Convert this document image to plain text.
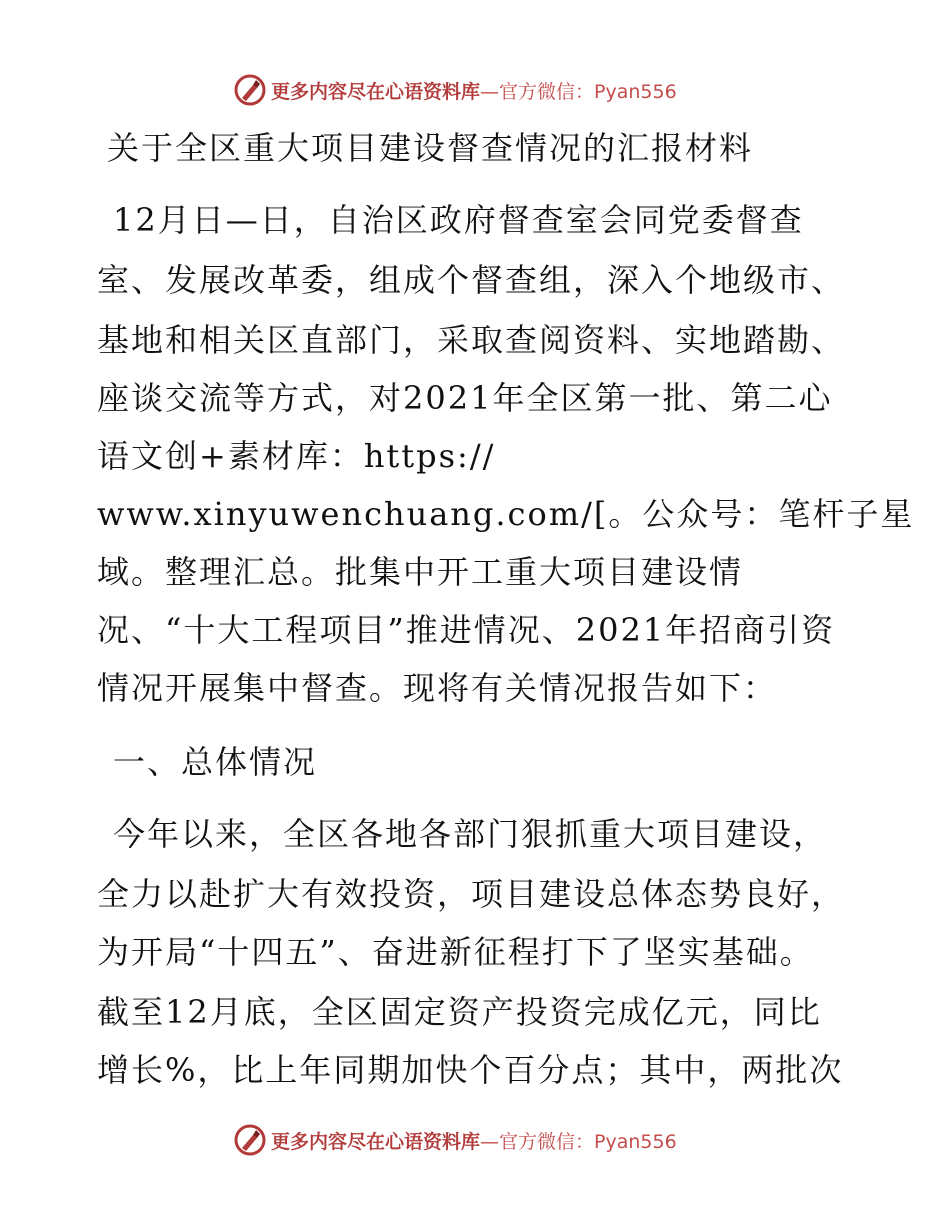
更多内容尽在心语资料库 —官方微信：Pyan556
关于全区重大项目建设督查情况的汇报材料
12月日—日，自治区政府督查室会同党委督查
室、发展改革委，组成个督查组，深入个地级市、
基地和相关区直部门，采取查阅资料、实地踏勘、
座谈交流等方式，对2021年全区第一批、第二心
语文创+素材库：https://
www.xinyuwenchuang.com/[。公众号：笔杆子星
域。整理汇总。批集中开工重大项目建设情
况、“十大工程项目”推进情况、2021年招商引资
情况开展集中督查。现将有关情况报告如下：
一、总体情况
今年以来，全区各地各部门狠抓重大项目建设，
全力以赴扩大有效投资，项目建设总体态势良好，
为开局“十四五”、奋进新征程打下了坚实基础。
截至12月底，全区固定资产投资完成亿元，同比
增长%，比上年同期加快个百分点；其中，两批次
更多内容尽在心语资料库 —官方微信：Pyan556
